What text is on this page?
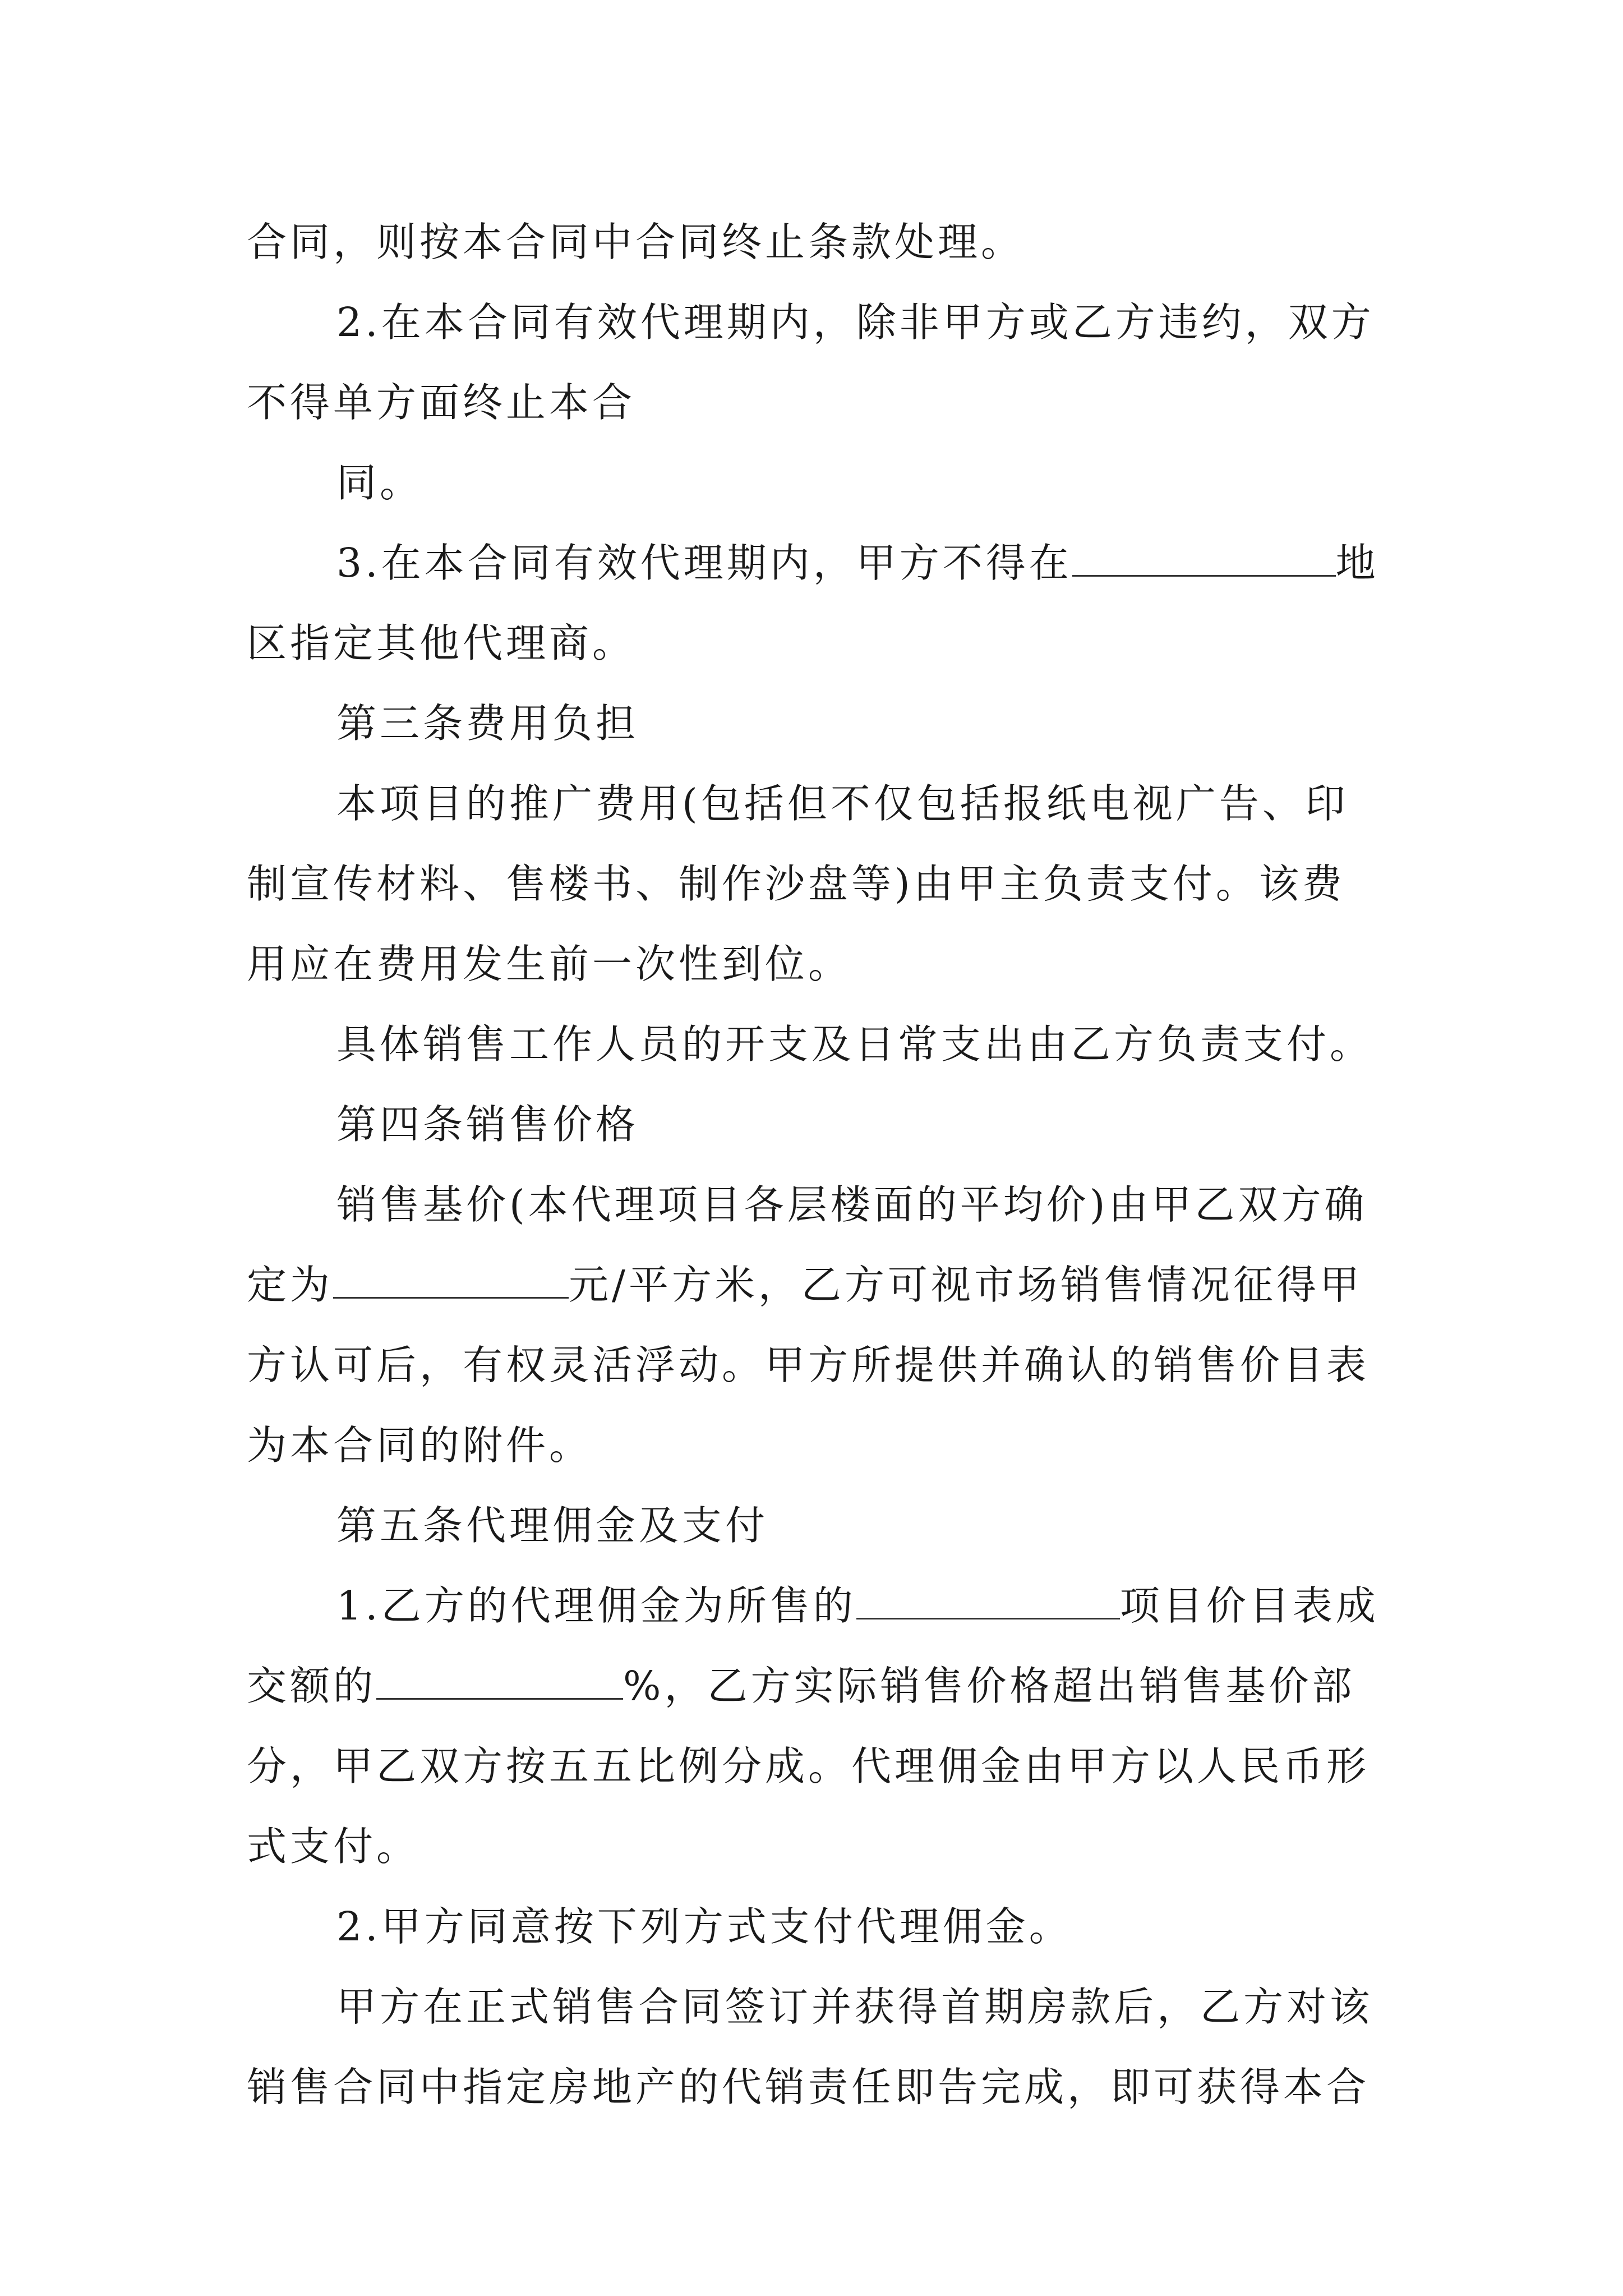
合同，则按本合同中合同终止条款处理。
2.在本合同有效代理期内，除非甲方或乙方违约，双方
不得单方面终止本合
同。
3.在本合同有效代理期内，甲方不得在	地
区指定其他代理商。
第三条费用负担
本项目的推广费用(包括但不仅包括报纸电视广告、印
制宣传材料、售楼书、制作沙盘等)由甲主负责支付。该费
用应在费用发生前一次性到位。
具体销售工作人员的开支及日常支出由乙方负责支付。
第四条销售价格
销售基价(本代理项目各层楼面的平均价)由甲乙双方确
定为	元/平方米，乙方可视市场销售情况征得甲
方认可后，有权灵活浮动。甲方所提供并确认的销售价目表
为本合同的附件。
第五条代理佣金及支付
1.乙方的代理佣金为所售的	项目价目表成
交额的	%，乙方实际销售价格超出销售基价部
分，甲乙双方按五五比例分成。代理佣金由甲方以人民币形
式支付。
2.甲方同意按下列方式支付代理佣金。
甲方在正式销售合同签订并获得首期房款后，乙方对该
销售合同中指定房地产的代销责任即告完成，即可获得本合
